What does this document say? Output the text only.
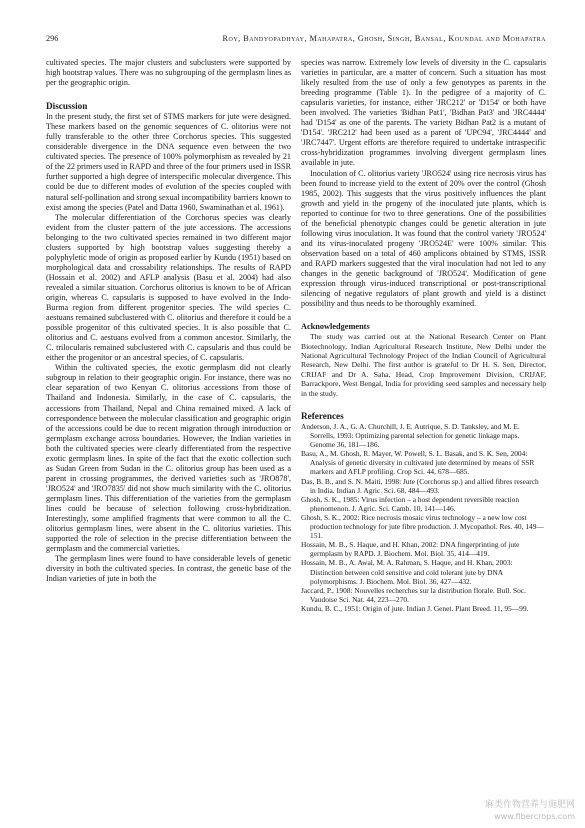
296	Roy, Bandyopadhyay, Mahapatra, Ghosh, Singh, Bansal, Koundal and Mohapatra

cultivated species. The major clusters and subclusters were supported by high bootstrap values. There was no subgrouping of the germplasm lines as per the geographic origin.

Discussion

In the present study, the first set of STMS markers for jute were designed. These markers based on the genomic sequences of C. olitorius were not fully transferable to the other three Corchorus species. This suggested considerable divergence in the DNA sequence even between the two cultivated species. The presence of 100% polymorphism as revealed by 21 of the 22 primers used in RAPD and three of the four primers used in ISSR further supported a high degree of interspecific molecular divergence. This could be due to different modes of evolution of the species coupled with natural self-pollination and strong sexual incompatibility barriers known to exist among the species (Patel and Datta 1960, Swaminathan et al. 1961).

The molecular differentiation of the Corchorus species was clearly evident from the cluster pattern of the jute accessions. The accessions belonging to the two cultivated species remained in two different major clusters supported by high bootstrap values suggesting thereby a polyphyletic mode of origin as proposed earlier by Kundu (1951) based on morphological data and crossability relationships. The results of RAPD (Hossain et al. 2002) and AFLP analysis (Basu et al. 2004) had also revealed a similar situation. Corchorus olitorius is known to be of African origin, whereas C. capsularis is supposed to have evolved in the Indo-Burma region from different progenitor species. The wild species C. aestuans remained subclustered with C. olitorius and therefore it could be a possible progenitor of this cultivated species. It is also possible that C. olitorius and C. aestuans evolved from a common ancestor. Similarly, the C. trilocularis remained subclustered with C. capsularis and thus could be either the progenitor or an ancestral species, of C. capsularis.

Within the cultivated species, the exotic germplasm did not clearly subgroup in relation to their geographic origin. For instance, there was no clear separation of two Kenyan C. olitorius accessions from those of Thailand and Indonesia. Similarly, in the case of C. capsularis, the accessions from Thailand, Nepal and China remained mixed. A lack of correspondence between the molecular classification and geographic origin of the accessions could be due to recent migration through introduction or germplasm exchange across boundaries. However, the Indian varieties in both the cultivated species were clearly differentiated from the respective exotic germplasm lines. In spite of the fact that the exotic collection such as Sudan Green from Sudan in the C. olitorius group has been used as a parent in crossing programmes, the derived varieties such as 'JRO878', 'JRO524' and 'JRO7835' did not show much similarity with the C. olitorius germplasm lines. This differentiation of the varieties from the germplasm lines could be because of selection following cross-hybridization. Interestingly, some amplified fragments that were common to all the C. olitorius germplasm lines, were absent in the C. olitorius varieties. This supported the role of selection in the precise differentiation between the germplasm and the commercial varieties.

The germplasm lines were found to have considerable levels of genetic diversity in both the cultivated species. In contrast, the genetic base of the Indian varieties of jute in both the

species was narrow. Extremely low levels of diversity in the C. capsularis varieties in particular, are a matter of concern. Such a situation has most likely resulted from the use of only a few genotypes as parents in the breeding programme (Table 1). In the pedigree of a majority of C. capsularis varieties, for instance, either 'JRC212' or 'D154' or both have been involved. The varieties 'Bidhan Pat1', 'Bidhan Pat3' and 'JRC4444' had 'D154' as one of the parents. The variety Bidhan Pat2 is a mutant of 'D154'. 'JRC212' had been used as a parent of 'UPC94', 'JRC4444' and 'JRC7447'. Urgent efforts are therefore required to undertake intraspecific cross-hybridization programmes involving divergent germplasm lines available in jute.

Inoculation of C. olitorius variety 'JRO524' using rice necrosis virus has been found to increase yield to the extent of 20% over the control (Ghosh 1985, 2002). This suggests that the virus positively influences the plant growth and yield in the progeny of the inoculated jute plants, which is reported to continue for two to three generations. One of the possibilities of the beneficial phenotypic changes could be genetic alteration in jute following virus inoculation. It was found that the control variety 'JRO524' and its virus-inoculated progeny 'JRO524E' were 100% similar. This observation based on a total of 460 amplicons obtained by STMS, ISSR and RAPD markers suggested that the viral inoculation had not led to any changes in the genetic background of 'JRO524'. Modification of gene expression through virus-induced transcriptional or post-transcriptional silencing of negative regulators of plant growth and yield is a distinct possibility and thus needs to be thoroughly examined.

Acknowledgements

The study was carried out at the National Research Center on Plant Biotechnology, Indian Agricultural Research Institute, New Delhi under the National Agricultural Technology Project of the Indian Council of Agricultural Research, New Delhi. The first author is grateful to Dr H. S. Sen, Director, CRIJAF and Dr A. Saha, Head, Crop Improvement Division, CRIJAF, Barrackpore, West Bengal, India for providing seed samples and necessary help in the study.

References

Anderson, J. A., G. A. Churchill, J. E. Autrique, S. D. Tanksley, and M. E. Sorrells, 1993: Optimizing parental selection for genetic linkage maps. Genome 36, 181—186.

Basu, A., M. Ghosh, R. Mayer, W. Powell, S. L. Basak, and S. K. Sen, 2004: Analysis of genetic diversity in cultivated jute determined by means of SSR markers and AFLP profiling. Crop Sci. 44, 678—685.

Das, B. B., and S. N. Maiti, 1998: Jute (Corchorus sp.) and allied fibres research in India. Indian J. Agric. Sci. 68, 484—493.

Ghosh, S. K., 1985: Virus infection – a host dependent reversible reaction phenomenon. J. Agric. Sci. Camb. 10, 141—146.

Ghosh, S. K., 2002: Rice necrosis mosaic virus technology – a new low cost production technology for jute fibre production. J. Mycopathol. Res. 40, 149—151.

Hossain, M. B., S. Haque, and H. Khan, 2002: DNA fingerprinting of jute germplasm by RAPD. J. Biochem. Mol. Biol. 35, 414—419.

Hossain, M. B., A. Awal, M. A. Rahman, S. Haque, and H. Khan, 2003: Distinction between cold sensitive and cold tolerant jute by DNA polymorphisms. J. Biochem. Mol. Biol. 36, 427—432.

Jaccard, P., 1908: Nouvelles recherches sur la distribution florale. Bull. Soc. Vaudoise Sci. Nat. 44, 223—270.

Kundu, B. C., 1951: Origin of jute. Indian J. Genet. Plant Breed. 11, 95—99.

麻类作物营养与施肥网
www.fibercrops.com
